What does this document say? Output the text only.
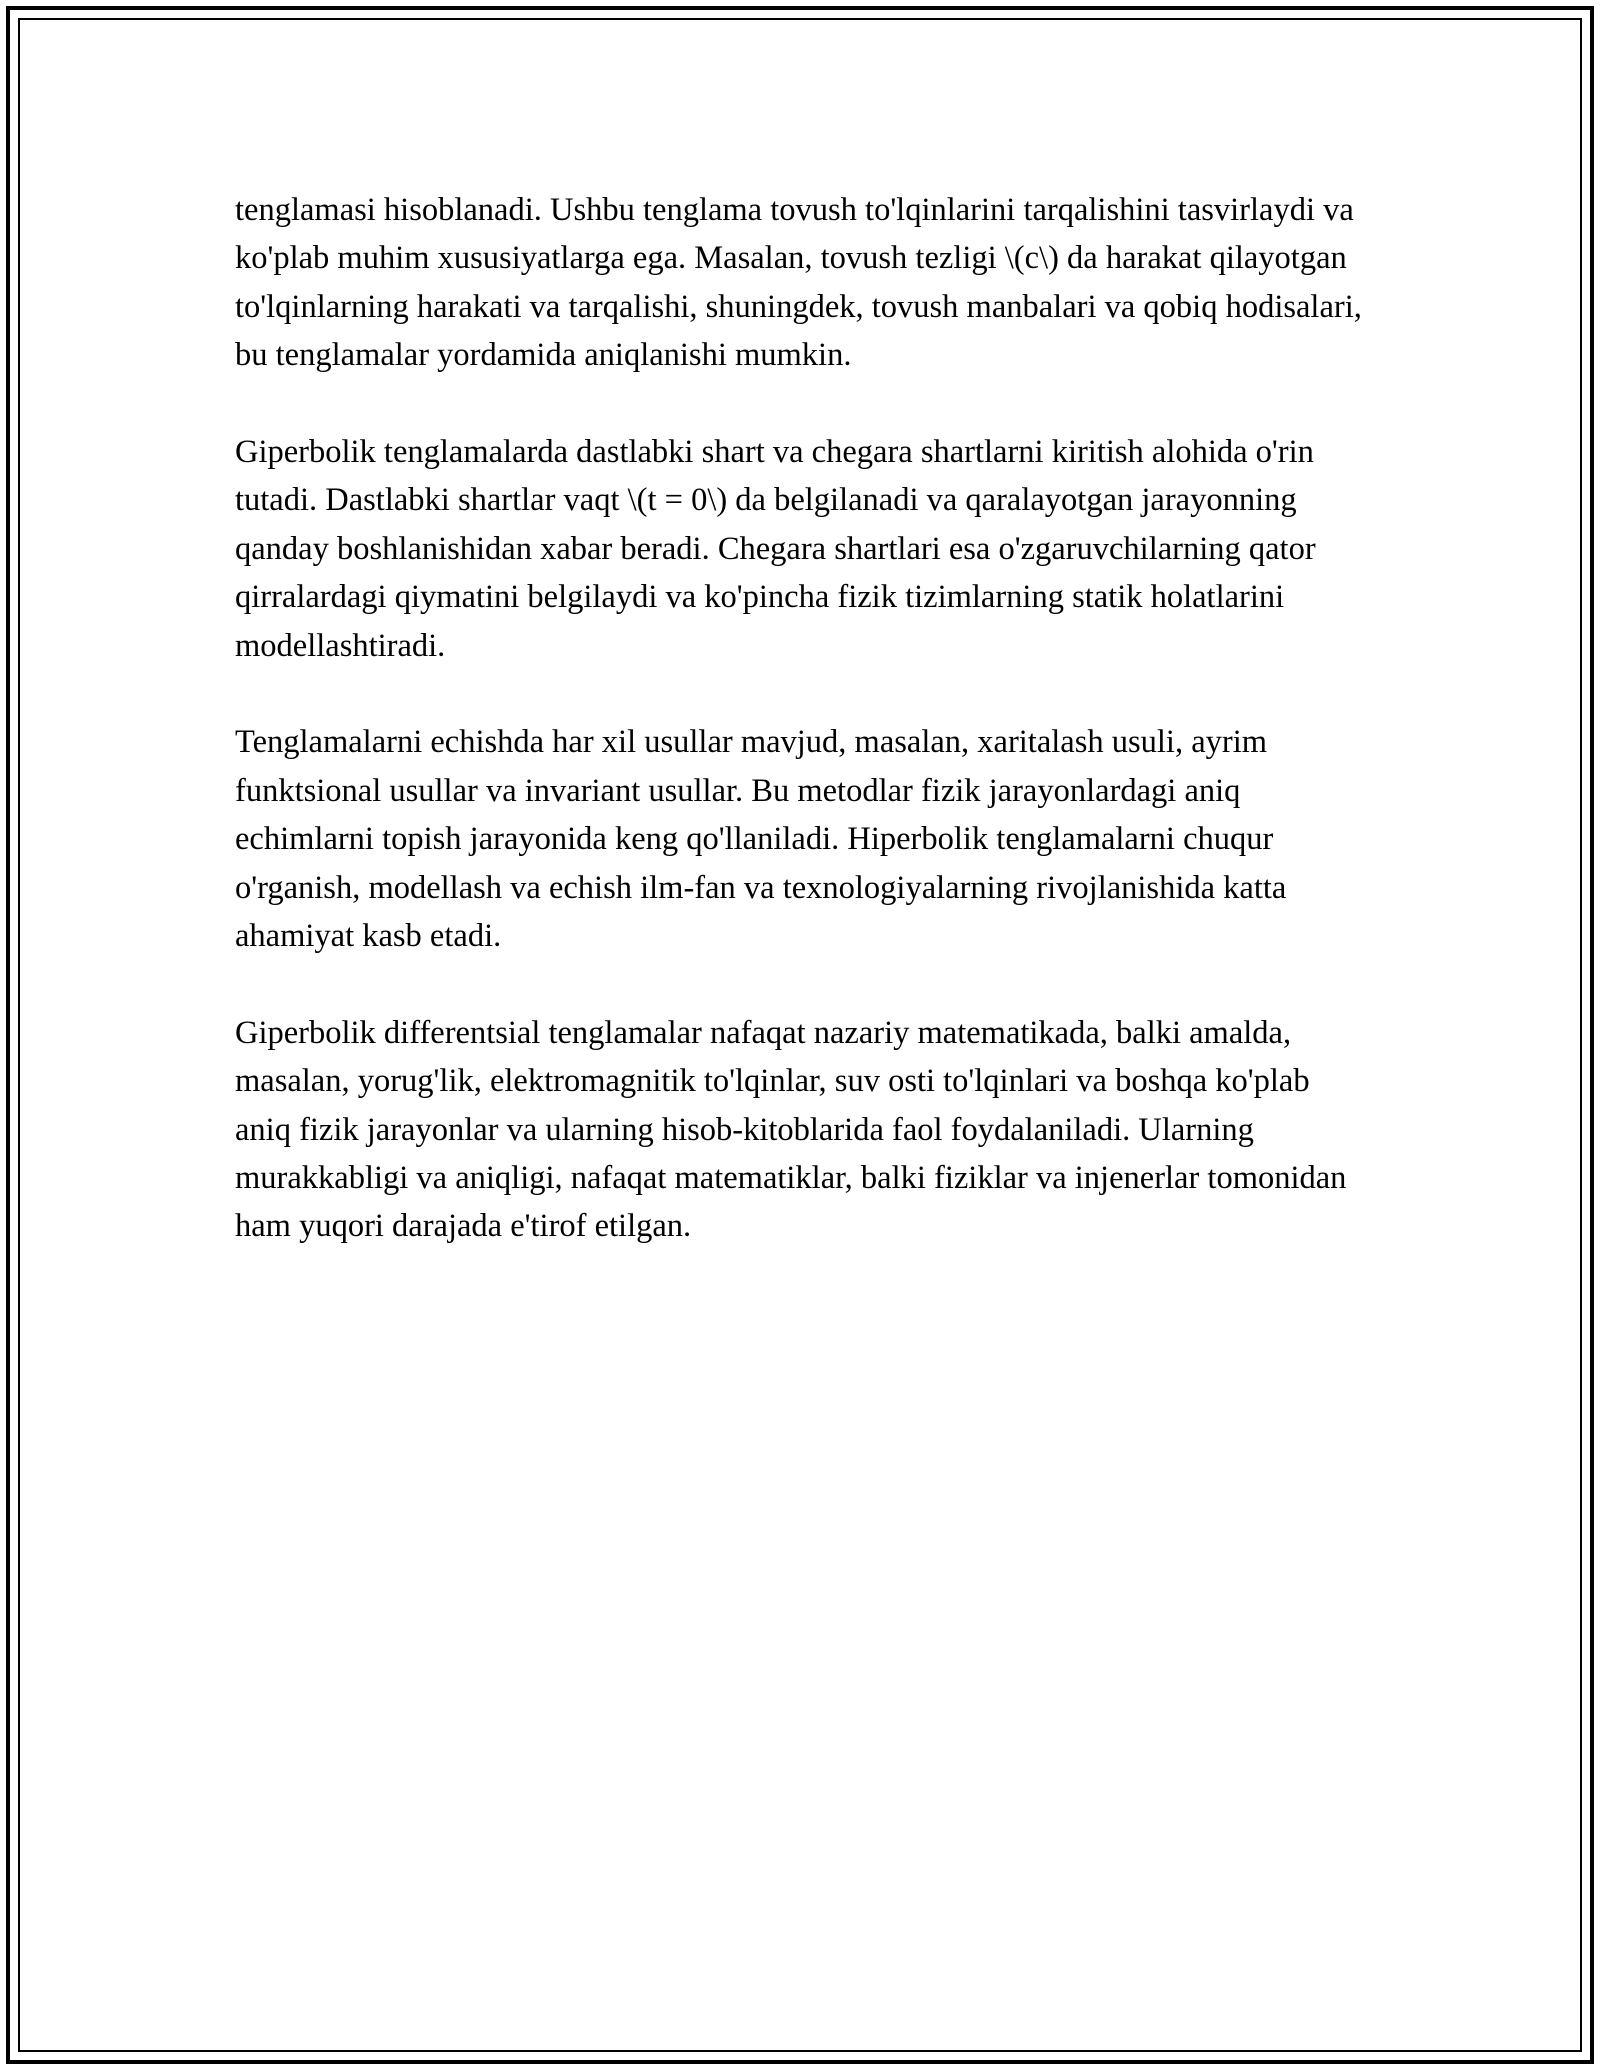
tenglamasi hisoblanadi. Ushbu tenglama tovush to'lqinlarini tarqalishini tasvirlaydi va ko'plab muhim xususiyatlarga ega. Masalan, tovush tezligi \(c\) da harakat qilayotgan to'lqinlarning harakati va tarqalishi, shuningdek, tovush manbalari va qobiq hodisalari, bu tenglamalar yordamida aniqlanishi mumkin.

Giperbolik tenglamalarda dastlabki shart va chegara shartlarni kiritish alohida o'rin tutadi. Dastlabki shartlar vaqt \(t = 0\) da belgilanadi va qaralayotgan jarayonning qanday boshlanishidan xabar beradi. Chegara shartlari esa o'zgaruvchilarning qator qirralardagi qiymatini belgilaydi va ko'pincha fizik tizimlarning statik holatlarini modellashtiradi.

Tenglamalarni echishda har xil usullar mavjud, masalan, xaritalash usuli, ayrim funktsional usullar va invariant usullar. Bu metodlar fizik jarayonlardagi aniq echimlarni topish jarayonida keng qo'llaniladi. Hiperbolik tenglamalarni chuqur o'rganish, modellash va echish ilm-fan va texnologiyalarning rivojlanishida katta ahamiyat kasb etadi.

Giperbolik differentsial tenglamalar nafaqat nazariy matematikada, balki amalda, masalan, yorug'lik, elektromagnitik to'lqinlar, suv osti to'lqinlari va boshqa ko'plab aniq fizik jarayonlar va ularning hisob-kitoblarida faol foydalaniladi. Ularning murakkabligi va aniqligi, nafaqat matematiklar, balki fiziklar va injenerlar tomonidan ham yuqori darajada e'tirof etilgan.
